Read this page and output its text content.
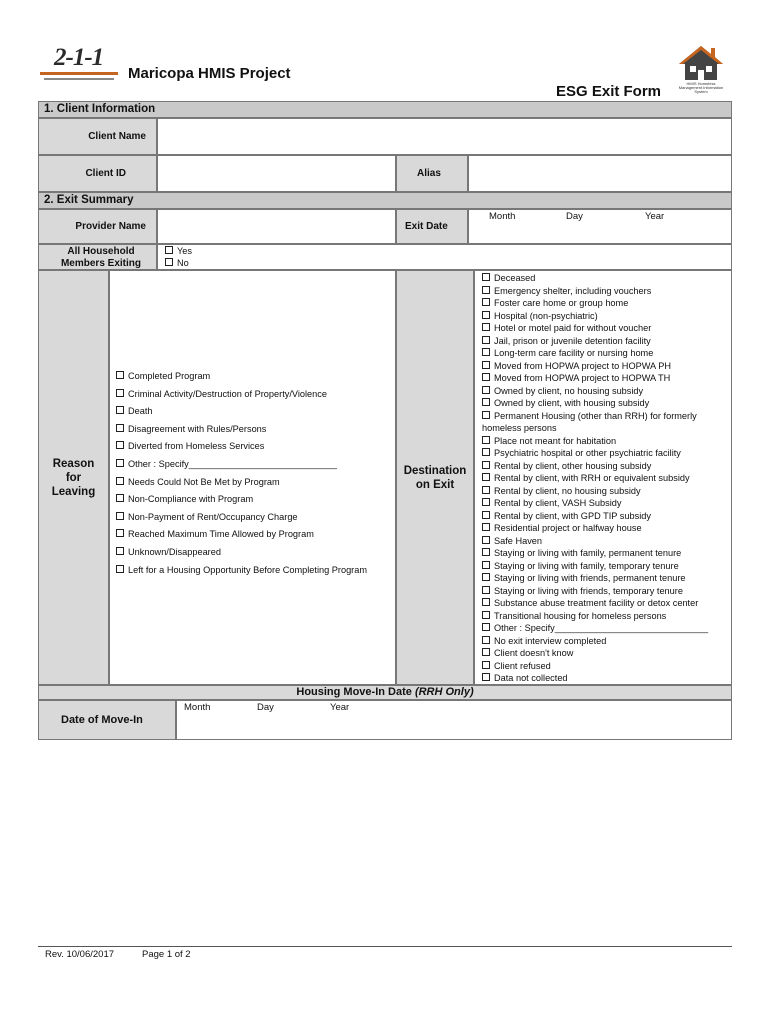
2-1-1
Maricopa HMIS Project
ESG Exit Form	HMIS Homeless Management Information System
1. Client Information
Client Name
Client ID	Alias
2. Exit Summary
Provider Name	Exit Date
Month	Day	Year
All Household
Members Exiting
Yes
No
Reason
for
Leaving
Completed Program
Criminal Activity/Destruction of Property/Violence
Death
Disagreement with Rules/Persons
Diverted from Homeless Services
Other : Specify_____________________________
Needs Could Not Be Met by Program
Non-Compliance with Program
Non-Payment of Rent/Occupancy Charge
Reached Maximum Time Allowed by Program
Unknown/Disappeared
Left for a Housing Opportunity Before Completing Program
Destination
on Exit
Deceased
Emergency shelter, including vouchers
Foster care home or group home
Hospital (non-psychiatric)
Hotel or motel paid for without voucher
Jail, prison or juvenile detention facility
Long-term care facility or nursing home
Moved from HOPWA project to HOPWA PH
Moved from HOPWA project to HOPWA TH
Owned by client, no housing subsidy
Owned by client, with housing subsidy
Permanent Housing (other than RRH) for formerly
homeless persons
Place not meant for habitation
Psychiatric hospital or other psychiatric facility
Rental by client, other housing subsidy
Rental by client, with RRH or equivalent subsidy
Rental by client, no housing subsidy
Rental by client, VASH Subsidy
Rental by client, with GPD TIP subsidy
Residential project or halfway house
Safe Haven
Staying or living with family, permanent tenure
Staying or living with family, temporary tenure
Staying or living with friends, permanent tenure
Staying or living with friends, temporary tenure
Substance abuse treatment facility or detox center
Transitional housing for homeless persons
Other : Specify______________________________
No exit interview completed
Client doesn't know
Client refused
Data not collected
Housing Move-In Date (RRH Only)
Date of Move-In
Month	Day	Year
Rev. 10/06/2017	Page 1 of 2
